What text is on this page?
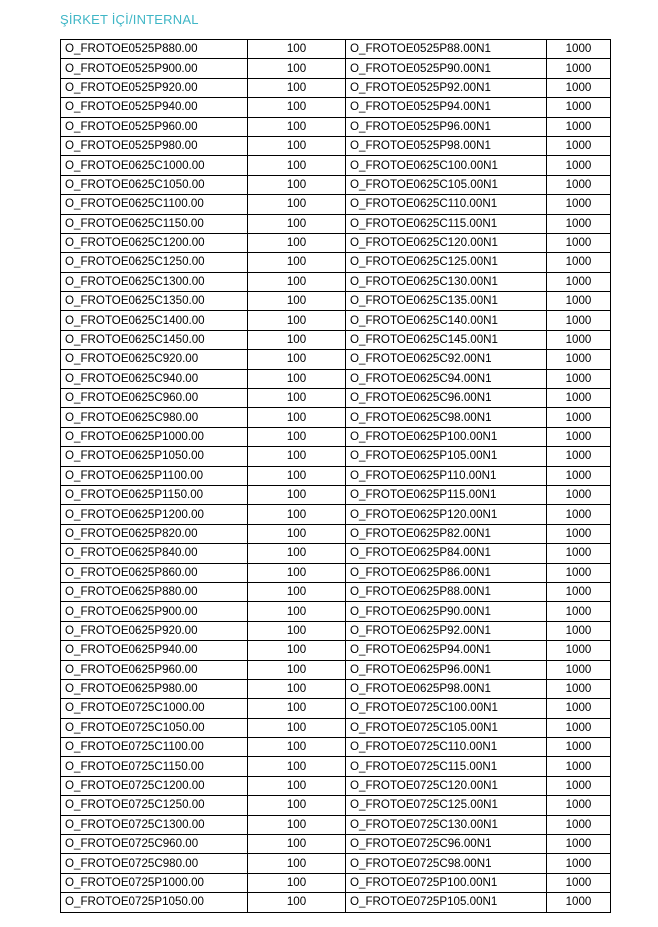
ŞİRKET İÇİ/INTERNAL
O_FROTOE0525P880.00	100	O_FROTOE0525P88.00N1	1000
O_FROTOE0525P900.00	100	O_FROTOE0525P90.00N1	1000
O_FROTOE0525P920.00	100	O_FROTOE0525P92.00N1	1000
O_FROTOE0525P940.00	100	O_FROTOE0525P94.00N1	1000
O_FROTOE0525P960.00	100	O_FROTOE0525P96.00N1	1000
O_FROTOE0525P980.00	100	O_FROTOE0525P98.00N1	1000
O_FROTOE0625C1000.00	100	O_FROTOE0625C100.00N1	1000
O_FROTOE0625C1050.00	100	O_FROTOE0625C105.00N1	1000
O_FROTOE0625C1100.00	100	O_FROTOE0625C110.00N1	1000
O_FROTOE0625C1150.00	100	O_FROTOE0625C115.00N1	1000
O_FROTOE0625C1200.00	100	O_FROTOE0625C120.00N1	1000
O_FROTOE0625C1250.00	100	O_FROTOE0625C125.00N1	1000
O_FROTOE0625C1300.00	100	O_FROTOE0625C130.00N1	1000
O_FROTOE0625C1350.00	100	O_FROTOE0625C135.00N1	1000
O_FROTOE0625C1400.00	100	O_FROTOE0625C140.00N1	1000
O_FROTOE0625C1450.00	100	O_FROTOE0625C145.00N1	1000
O_FROTOE0625C920.00	100	O_FROTOE0625C92.00N1	1000
O_FROTOE0625C940.00	100	O_FROTOE0625C94.00N1	1000
O_FROTOE0625C960.00	100	O_FROTOE0625C96.00N1	1000
O_FROTOE0625C980.00	100	O_FROTOE0625C98.00N1	1000
O_FROTOE0625P1000.00	100	O_FROTOE0625P100.00N1	1000
O_FROTOE0625P1050.00	100	O_FROTOE0625P105.00N1	1000
O_FROTOE0625P1100.00	100	O_FROTOE0625P110.00N1	1000
O_FROTOE0625P1150.00	100	O_FROTOE0625P115.00N1	1000
O_FROTOE0625P1200.00	100	O_FROTOE0625P120.00N1	1000
O_FROTOE0625P820.00	100	O_FROTOE0625P82.00N1	1000
O_FROTOE0625P840.00	100	O_FROTOE0625P84.00N1	1000
O_FROTOE0625P860.00	100	O_FROTOE0625P86.00N1	1000
O_FROTOE0625P880.00	100	O_FROTOE0625P88.00N1	1000
O_FROTOE0625P900.00	100	O_FROTOE0625P90.00N1	1000
O_FROTOE0625P920.00	100	O_FROTOE0625P92.00N1	1000
O_FROTOE0625P940.00	100	O_FROTOE0625P94.00N1	1000
O_FROTOE0625P960.00	100	O_FROTOE0625P96.00N1	1000
O_FROTOE0625P980.00	100	O_FROTOE0625P98.00N1	1000
O_FROTOE0725C1000.00	100	O_FROTOE0725C100.00N1	1000
O_FROTOE0725C1050.00	100	O_FROTOE0725C105.00N1	1000
O_FROTOE0725C1100.00	100	O_FROTOE0725C110.00N1	1000
O_FROTOE0725C1150.00	100	O_FROTOE0725C115.00N1	1000
O_FROTOE0725C1200.00	100	O_FROTOE0725C120.00N1	1000
O_FROTOE0725C1250.00	100	O_FROTOE0725C125.00N1	1000
O_FROTOE0725C1300.00	100	O_FROTOE0725C130.00N1	1000
O_FROTOE0725C960.00	100	O_FROTOE0725C96.00N1	1000
O_FROTOE0725C980.00	100	O_FROTOE0725C98.00N1	1000
O_FROTOE0725P1000.00	100	O_FROTOE0725P100.00N1	1000
O_FROTOE0725P1050.00	100	O_FROTOE0725P105.00N1	1000
